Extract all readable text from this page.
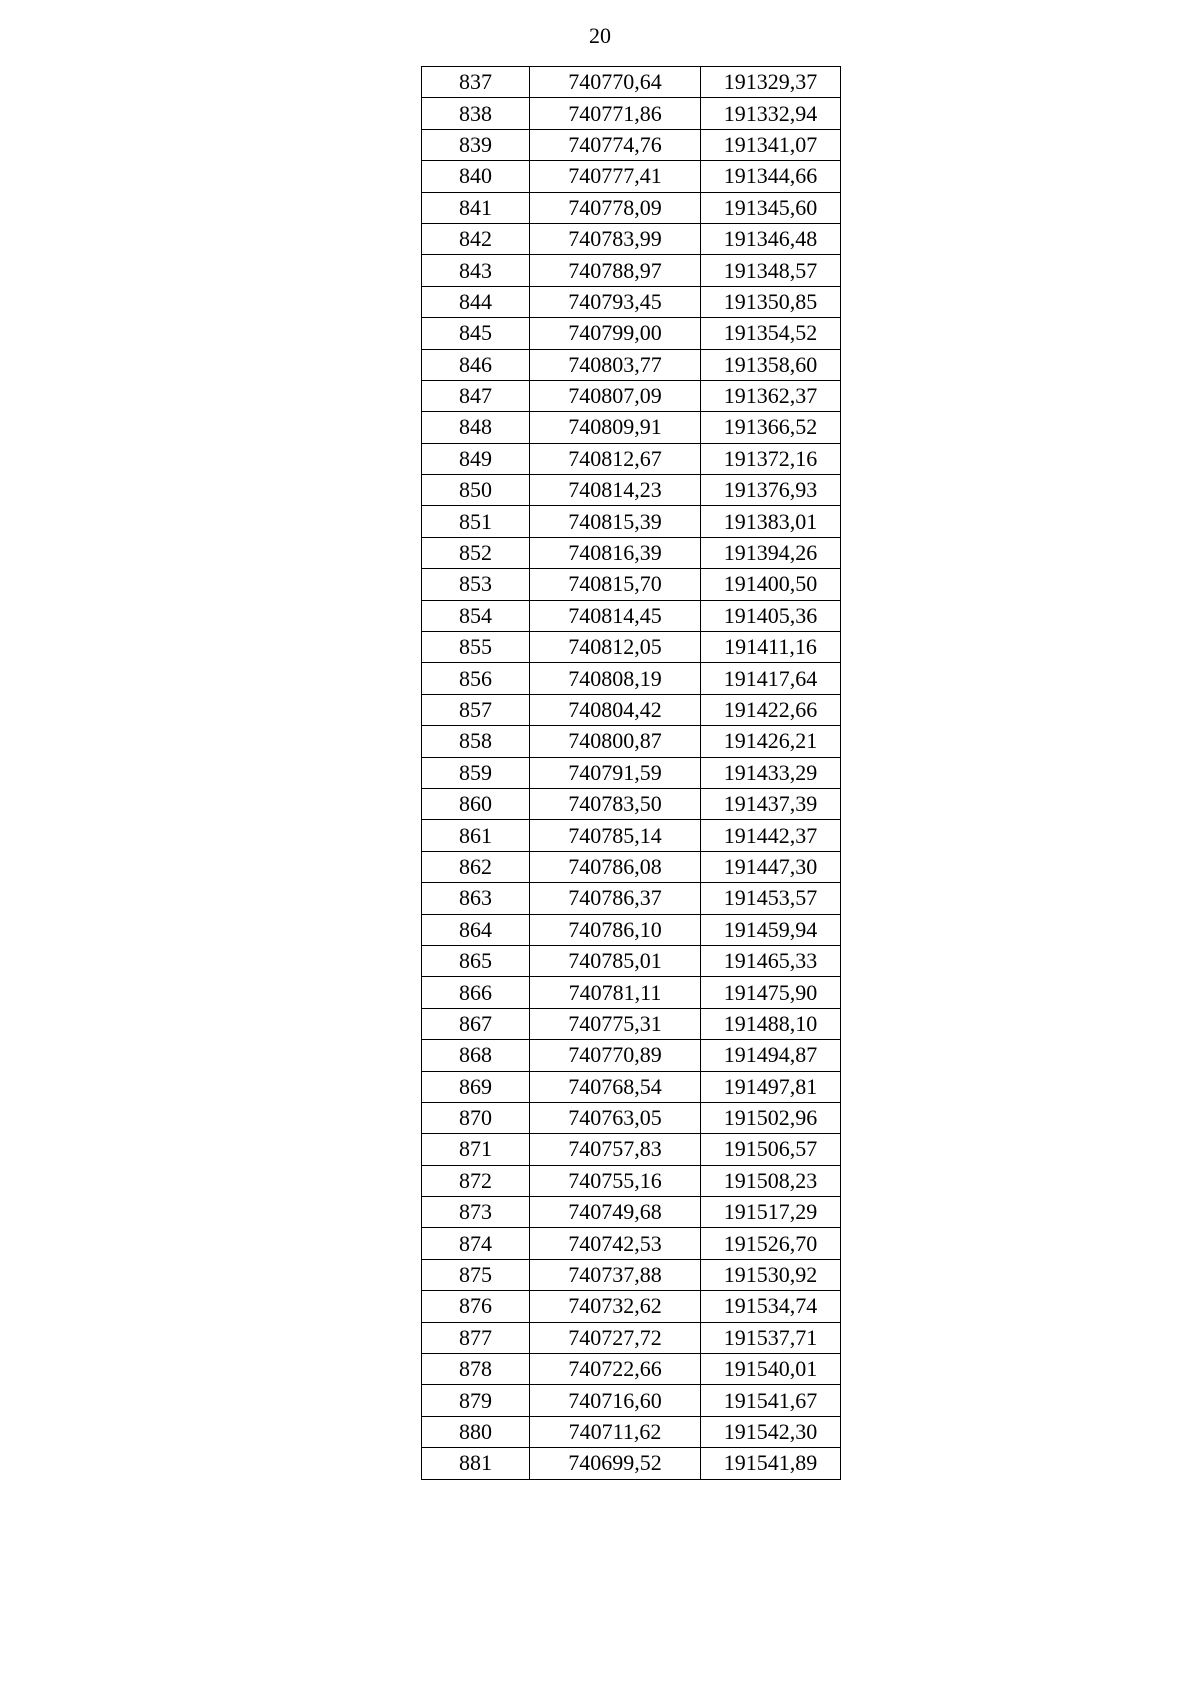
20
837	740770,64	191329,37
838	740771,86	191332,94
839	740774,76	191341,07
840	740777,41	191344,66
841	740778,09	191345,60
842	740783,99	191346,48
843	740788,97	191348,57
844	740793,45	191350,85
845	740799,00	191354,52
846	740803,77	191358,60
847	740807,09	191362,37
848	740809,91	191366,52
849	740812,67	191372,16
850	740814,23	191376,93
851	740815,39	191383,01
852	740816,39	191394,26
853	740815,70	191400,50
854	740814,45	191405,36
855	740812,05	191411,16
856	740808,19	191417,64
857	740804,42	191422,66
858	740800,87	191426,21
859	740791,59	191433,29
860	740783,50	191437,39
861	740785,14	191442,37
862	740786,08	191447,30
863	740786,37	191453,57
864	740786,10	191459,94
865	740785,01	191465,33
866	740781,11	191475,90
867	740775,31	191488,10
868	740770,89	191494,87
869	740768,54	191497,81
870	740763,05	191502,96
871	740757,83	191506,57
872	740755,16	191508,23
873	740749,68	191517,29
874	740742,53	191526,70
875	740737,88	191530,92
876	740732,62	191534,74
877	740727,72	191537,71
878	740722,66	191540,01
879	740716,60	191541,67
880	740711,62	191542,30
881	740699,52	191541,89
